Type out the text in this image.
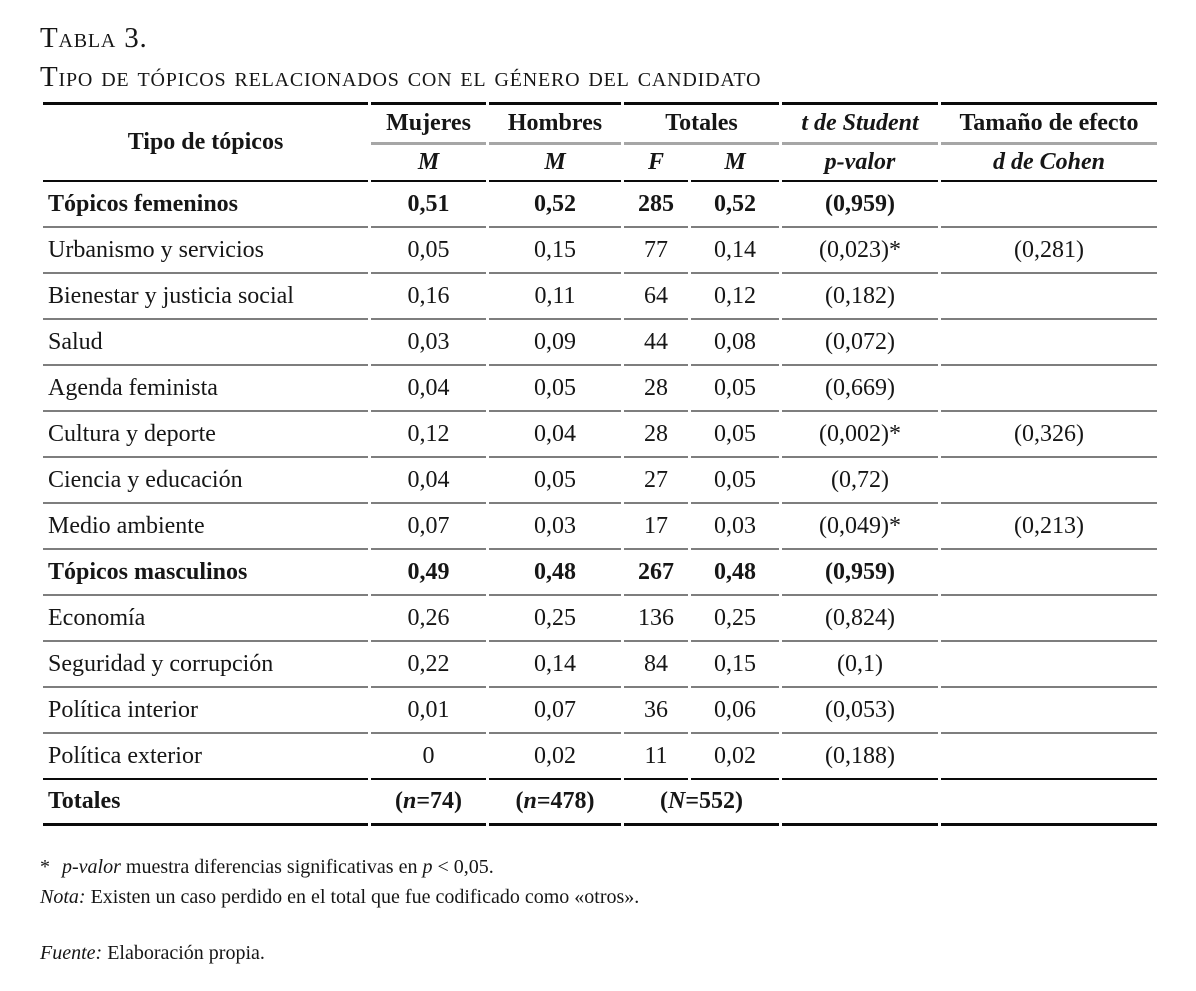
Tabla 3.
Tipo de tópicos relacionados con el género del candidato
Tipo de tópicos	Mujeres	Hombres	Totales		t de Student	Tamaño de efecto
	M	M	F	M	p-valor	d de Cohen
Tópicos femeninos	0,51	0,52	285	0,52	(0,959)	
Urbanismo y servicios	0,05	0,15	77	0,14	(0,023)*	(0,281)
Bienestar y justicia social	0,16	0,11	64	0,12	(0,182)	
Salud	0,03	0,09	44	0,08	(0,072)	
Agenda feminista	0,04	0,05	28	0,05	(0,669)	
Cultura y deporte	0,12	0,04	28	0,05	(0,002)*	(0,326)
Ciencia y educación	0,04	0,05	27	0,05	(0,72)	
Medio ambiente	0,07	0,03	17	0,03	(0,049)*	(0,213)
Tópicos masculinos	0,49	0,48	267	0,48	(0,959)	
Economía	0,26	0,25	136	0,25	(0,824)	
Seguridad y corrupción	0,22	0,14	84	0,15	(0,1)	
Política interior	0,01	0,07	36	0,06	(0,053)	
Política exterior	0	0,02	11	0,02	(0,188)	
Totales	(n=74)	(n=478)	(N=552)			
* p-valor muestra diferencias significativas en p < 0,05.
Nota: Existen un caso perdido en el total que fue codificado como «otros».
Fuente: Elaboración propia.
